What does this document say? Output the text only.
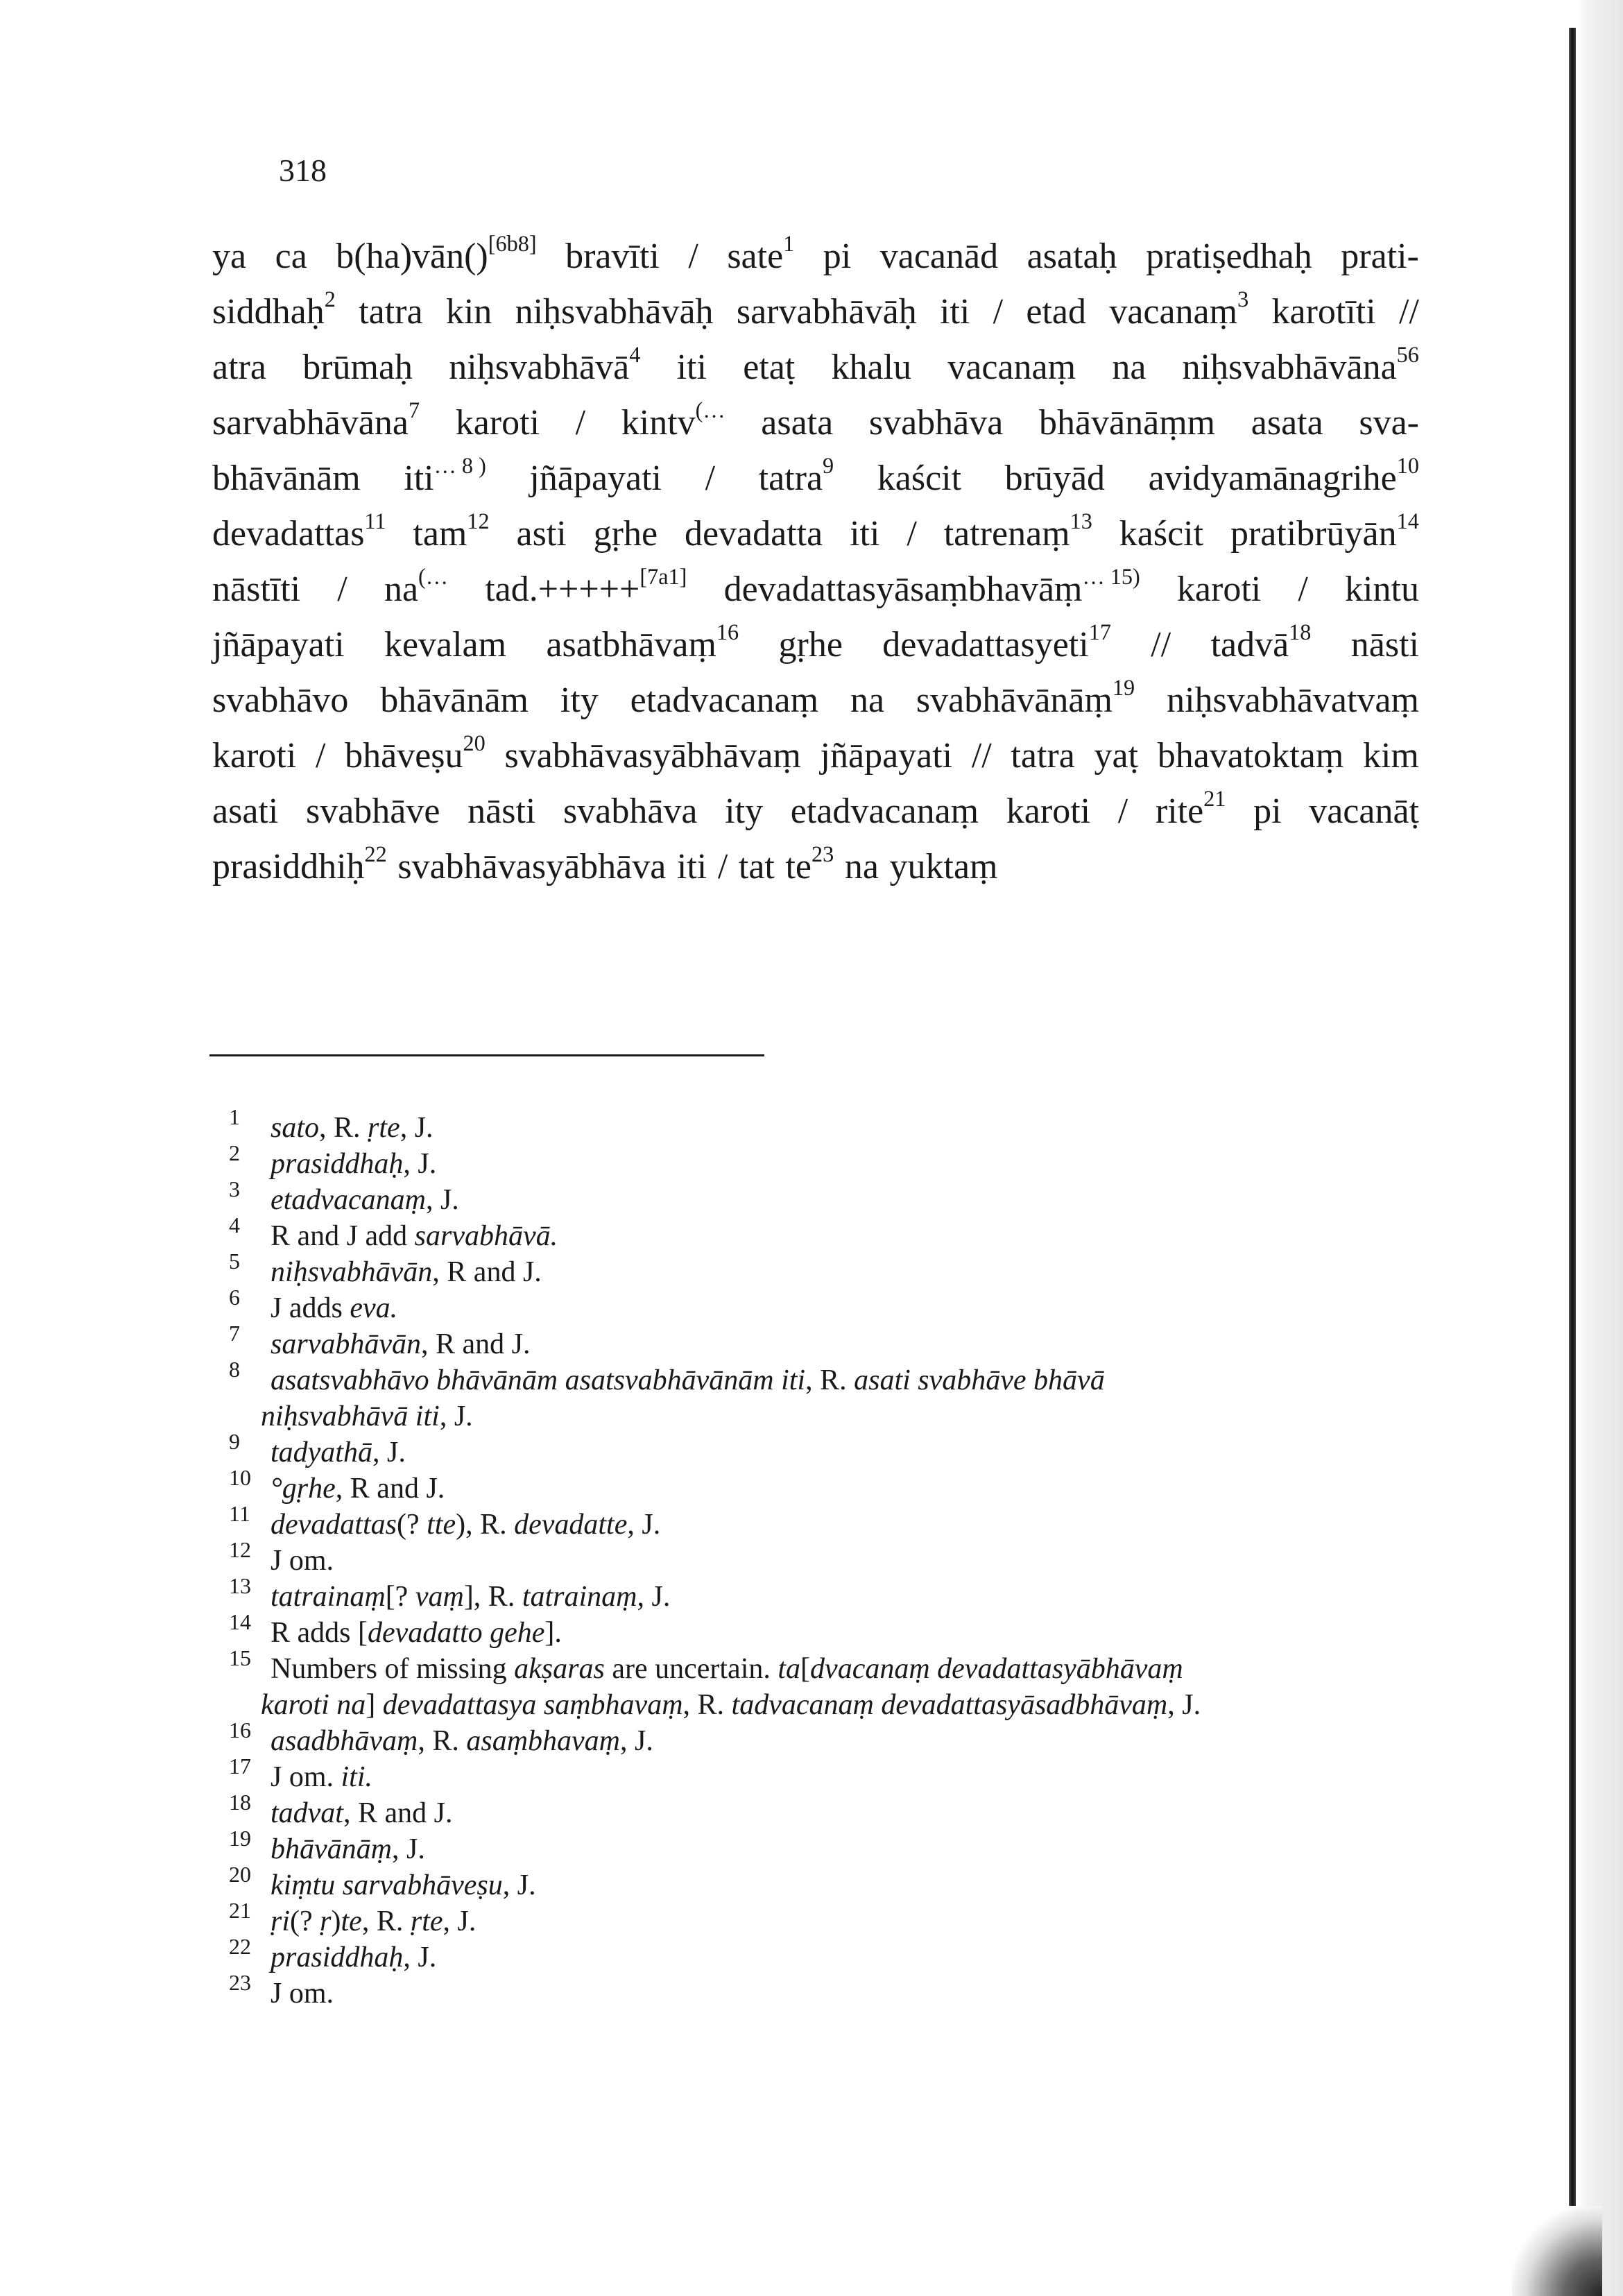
318
ya ca b(ha)vān()[6b8] bravīti / sate$^1$ pi vacanād asataḥ pratiṣedhaḥ prati-
siddhaḥ$^2$ tatra kin niḥsvabhāvāḥ sarvabhāvāḥ iti / etad vacanaṃ$^3$ karotīti //
atra brūmaḥ niḥsvabhāvā$^4$ iti etaṭ khalu vacanaṃ na niḥsvabhāvāna$^{56}$
sarvabhāvāna$^7$ karoti / kintv(… asata svabhāva bhāvānāṃm asata sva-
bhāvānām iti$^{\dots 8 )}$ jñāpayati / tatra$^9$ kaścit brūyād avidyamānagrihe$^{10}$
devadattas$^{11}$ tam$^{12}$ asti gṛhe devadatta iti / tatrenaṃ$^{13}$ kaścit pratibrūyān$^{14}$
nāstīti / na(… tad.+++++[7a1] devadattasyāsaṃbhavāṃ$^{\dots 15)}$ karoti / kintu
jñāpayati kevalam asatbhāvaṃ$^{16}$ gṛhe devadattasyeti$^{17}$ // tadvā$^{18}$ nāsti
svabhāvo bhāvānām ity etadvacanaṃ na svabhāvānāṃ$^{19}$ niḥsvabhāvatvaṃ
karoti / bhāveṣu$^{20}$ svabhāvasyābhāvaṃ jñāpayati // tatra yaṭ bhavatoktaṃ kim
asati svabhāve nāsti svabhāva ity etadvacanaṃ karoti / rite$^{21}$ pi vacanāṭ
prasiddhiḥ$^{22}$ svabhāvasyābhāva iti / tat $te^{23}$ na yuktaṃ
1	sato, R. ṛte, J.
2	prasiddhaḥ, J.
3	etadvacanaṃ, J.
4	R and J add sarvabhāvā.
5	niḥsvabhāvān, R and J.
6	J adds eva.
7	sarvabhāvān, R and J.
8	asatsvabhāvo bhāvānām asatsvabhāvānām iti, R. asati svabhāve bhāvā
niḥsvabhāvā iti, J.
9	tadyathā, J.
10 °gṛhe, R and J.
11 devadattas(? tte), R. devadatte, J.
12 J om.
13 tatrainaṃ[? vaṃ], R. tatrainaṃ, J.
14 R adds [devadatto gehe].
15 Numbers of missing akṣaras are uncertain. ta[dvacanaṃ devadattasyābhāvaṃ
karoti na] devadattasya saṃbhavaṃ, R. tadvacanaṃ devadattasyāsadbhāvaṃ, J.
16 asadbhāvaṃ, R. asaṃbhavaṃ, J.
17 J om. iti.
18 tadvat, R and J.
19 bhāvānāṃ, J.
20 kiṃtu sarvabhāveṣu, J.
21 ṛi(? ṛ)te, R. ṛte, J.
22 prasiddhaḥ, J.
23 J om.
